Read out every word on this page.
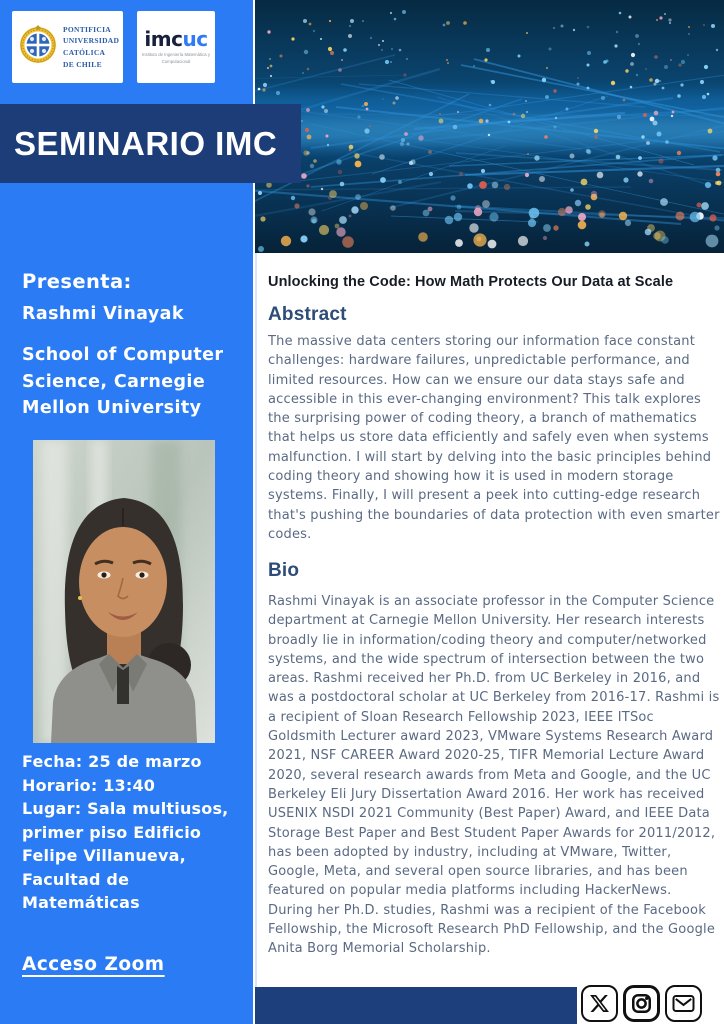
PONTIFICIA
UNIVERSIDAD
CATÓLICA
DE CHILE
imcuc
Instituto de Ingeniería Matemática y Computacional
Presenta:
Rashmi Vinayak
School of Computer Science, Carnegie Mellon University
Fecha: 25 de marzo
Horario: 13:40
Lugar: Sala multiusos, primer piso Edificio Felipe Villanueva, Facultad de Matemáticas
Acceso Zoom
SEMINARIO IMC
Unlocking the Code: How Math Protects Our Data at Scale
Abstract

The massive data centers storing our information face constant challenges: hardware failures, unpredictable performance, and limited resources. How can we ensure our data stays safe and accessible in this ever-changing environment? This talk explores the surprising power of coding theory, a branch of mathematics that helps us store data efficiently and safely even when systems malfunction. I will start by delving into the basic principles behind coding theory and showing how it is used in modern storage systems. Finally, I will present a peek into cutting-edge research that's pushing the boundaries of data protection with even smarter codes.

Bio

Rashmi Vinayak is an associate professor in the Computer Science department at Carnegie Mellon University. Her research interests broadly lie in information/coding theory and computer/networked systems, and the wide spectrum of intersection between the two areas. Rashmi received her Ph.D. from UC Berkeley in 2016, and was a postdoctoral scholar at UC Berkeley from 2016-17. Rashmi is a recipient of Sloan Research Fellowship 2023, IEEE ITSoc Goldsmith Lecturer award 2023, VMware Systems Research Award 2021, NSF CAREER Award 2020-25, TIFR Memorial Lecture Award 2020, several research awards from Meta and Google, and the UC Berkeley Eli Jury Dissertation Award 2016. Her work has received USENIX NSDI 2021 Community (Best Paper) Award, and IEEE Data Storage Best Paper and Best Student Paper Awards for 2011/2012, has been adopted by industry, including at VMware, Twitter, Google, Meta, and several open source libraries, and has been featured on popular media platforms including HackerNews. During her Ph.D. studies, Rashmi was a recipient of the Facebook Fellowship, the Microsoft Research PhD Fellowship, and the Google Anita Borg Memorial Scholarship.
